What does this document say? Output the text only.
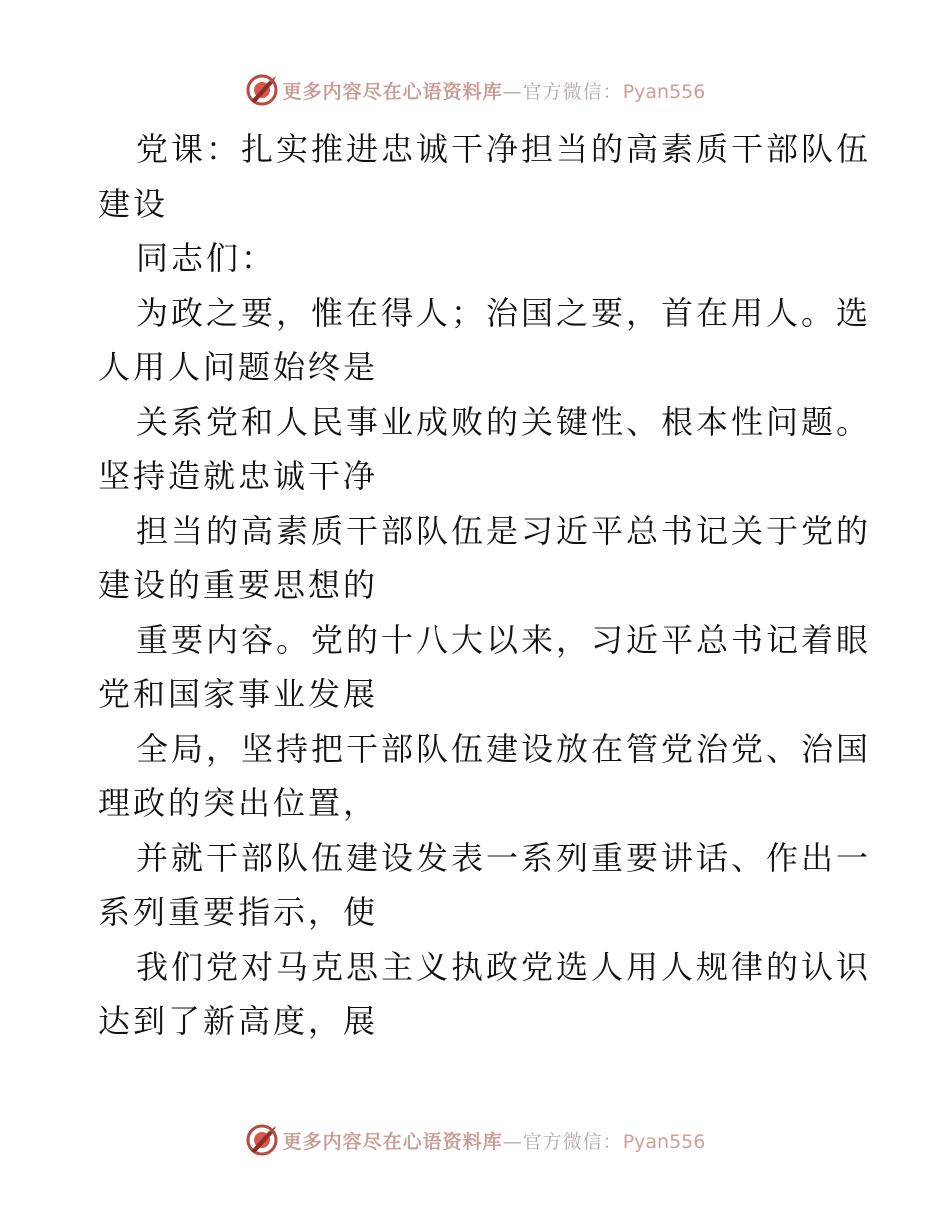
更多内容尽在心语资料库—官方微信：Pyan556
党课：扎实推进忠诚干净担当的高素质干部队伍
建设
同志们：
为政之要，惟在得人；治国之要，首在用人。选
人用人问题始终是
关系党和人民事业成败的关键性、根本性问题。
坚持造就忠诚干净
担当的高素质干部队伍是习近平总书记关于党的
建设的重要思想的
重要内容。党的十八大以来，习近平总书记着眼
党和国家事业发展
全局，坚持把干部队伍建设放在管党治党、治国
理政的突出位置，
并就干部队伍建设发表一系列重要讲话、作出一
系列重要指示，使
我们党对马克思主义执政党选人用人规律的认识
达到了新高度，展
更多内容尽在心语资料库—官方微信：Pyan556
